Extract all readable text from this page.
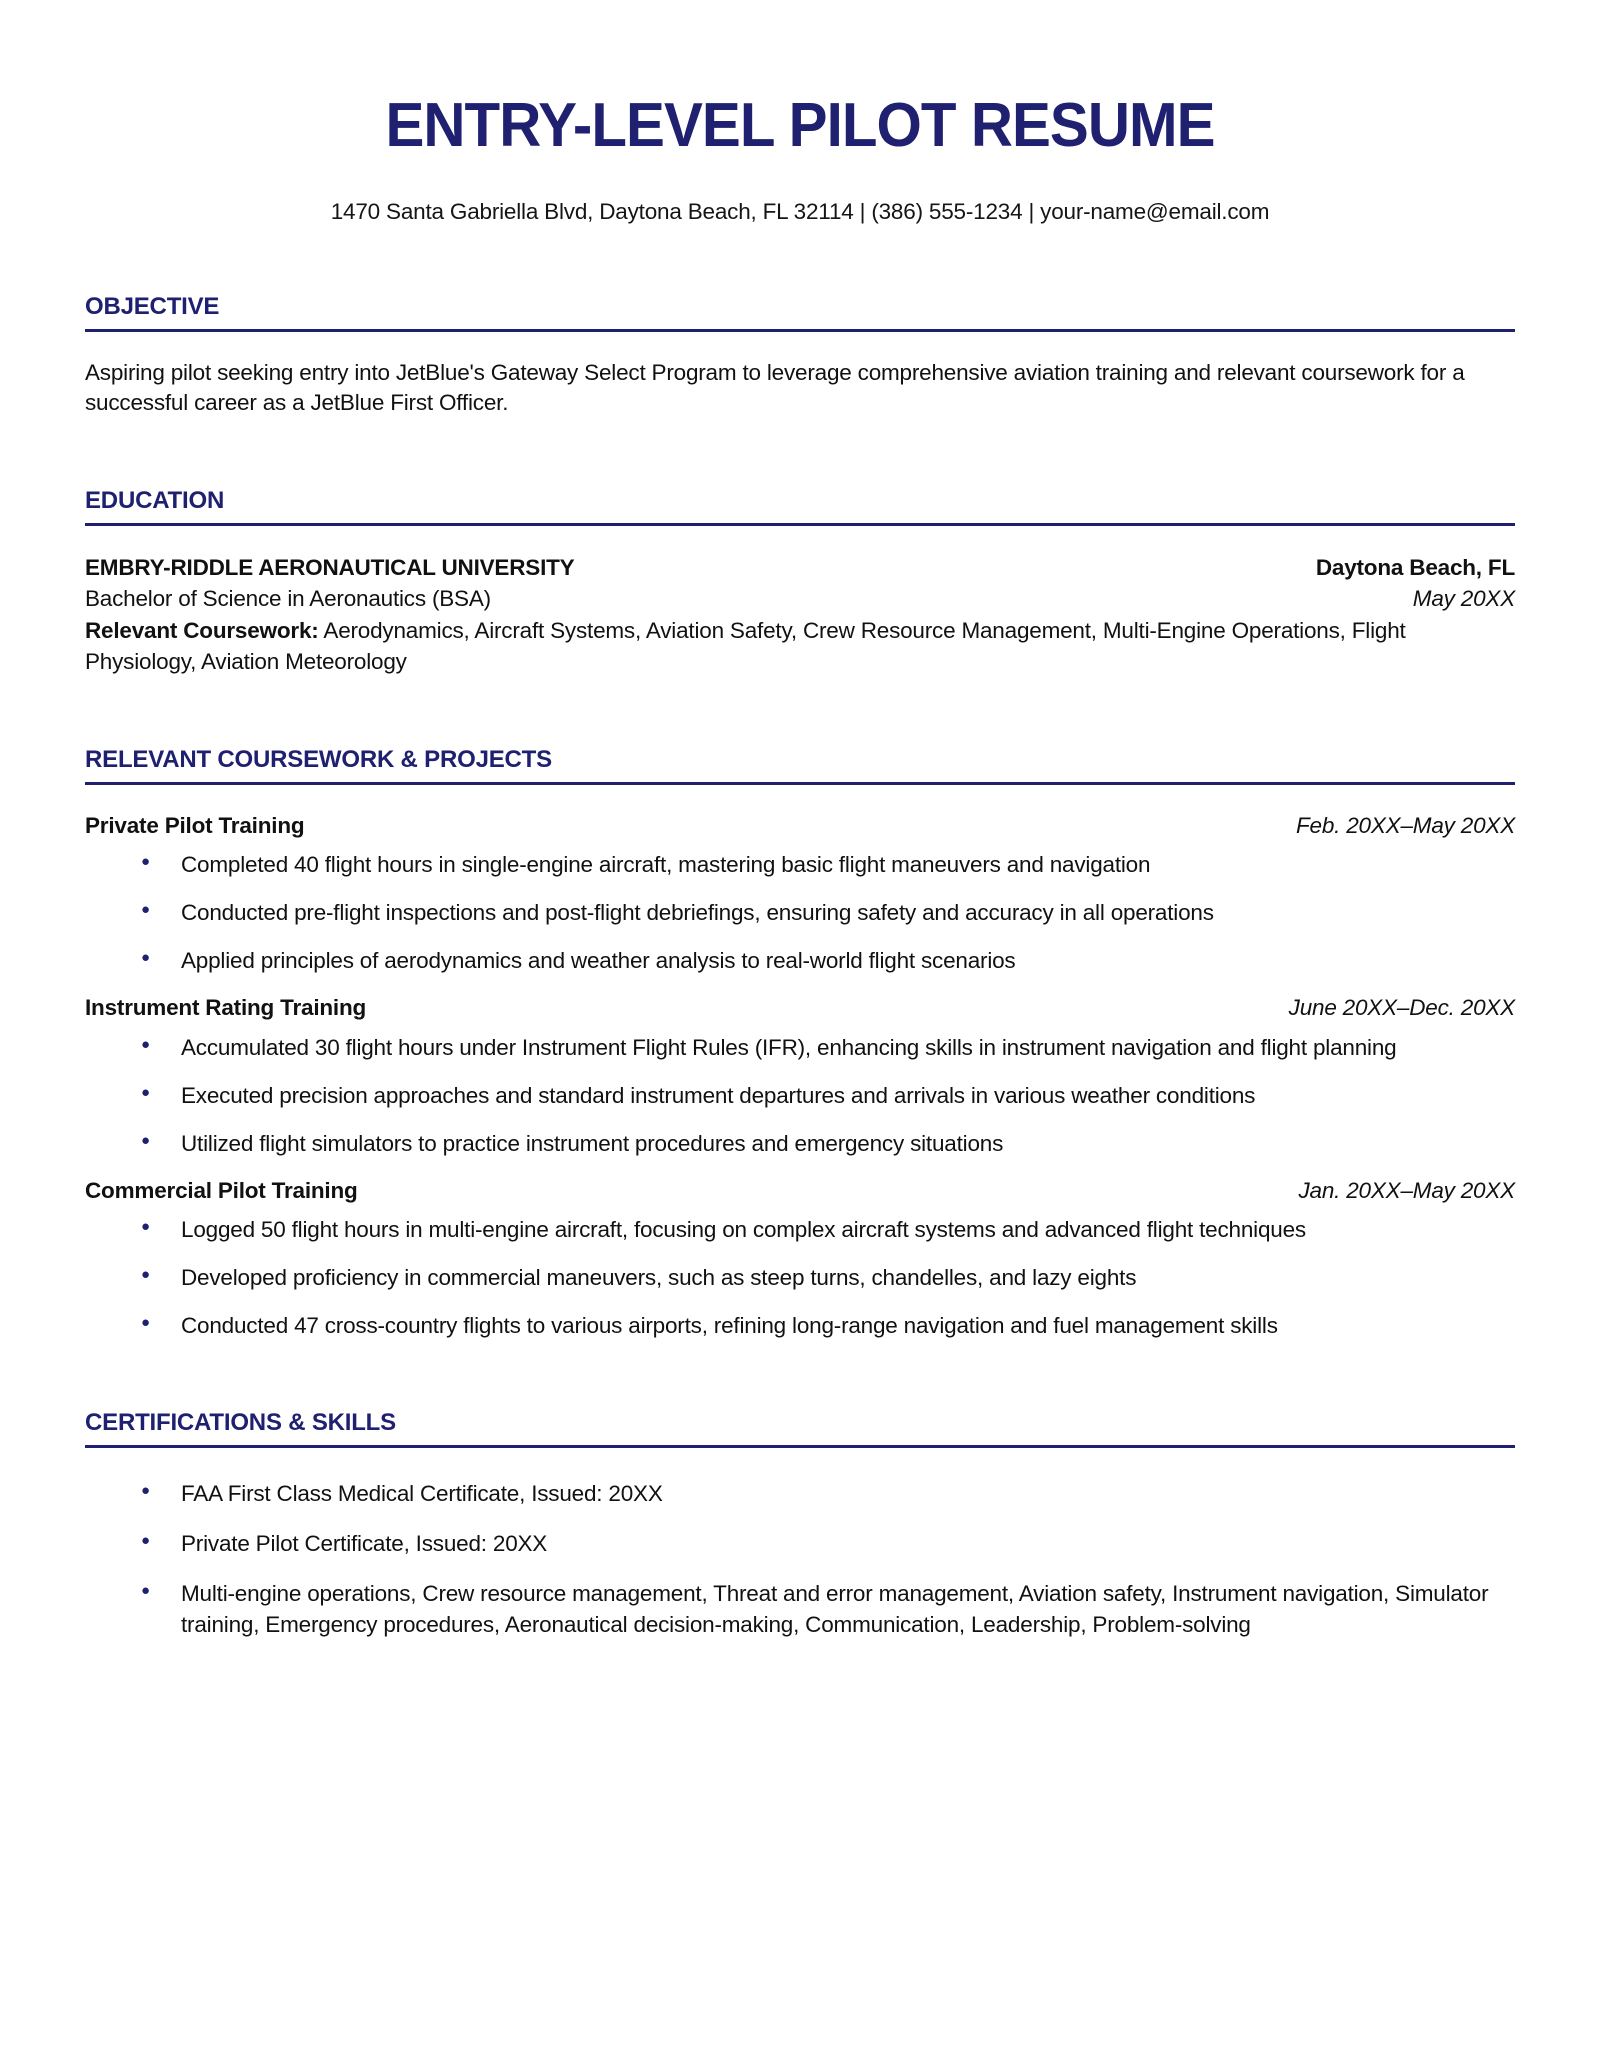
ENTRY-LEVEL PILOT RESUME
1470 Santa Gabriella Blvd, Daytona Beach, FL 32114 | (386) 555-1234 | your-name@email.com
OBJECTIVE
Aspiring pilot seeking entry into JetBlue's Gateway Select Program to leverage comprehensive aviation training and relevant coursework for a successful career as a JetBlue First Officer.
EDUCATION
EMBRY-RIDDLE AERONAUTICAL UNIVERSITY	Daytona Beach, FL
Bachelor of Science in Aeronautics (BSA)	May 20XX
Relevant Coursework: Aerodynamics, Aircraft Systems, Aviation Safety, Crew Resource Management, Multi-Engine Operations, Flight Physiology, Aviation Meteorology
RELEVANT COURSEWORK & PROJECTS
Private Pilot Training	Feb. 20XX–May 20XX
● Completed 40 flight hours in single-engine aircraft, mastering basic flight maneuvers and navigation
● Conducted pre-flight inspections and post-flight debriefings, ensuring safety and accuracy in all operations
● Applied principles of aerodynamics and weather analysis to real-world flight scenarios
Instrument Rating Training	June 20XX–Dec. 20XX
● Accumulated 30 flight hours under Instrument Flight Rules (IFR), enhancing skills in instrument navigation and flight planning
● Executed precision approaches and standard instrument departures and arrivals in various weather conditions
● Utilized flight simulators to practice instrument procedures and emergency situations
Commercial Pilot Training	Jan. 20XX–May 20XX
● Logged 50 flight hours in multi-engine aircraft, focusing on complex aircraft systems and advanced flight techniques
● Developed proficiency in commercial maneuvers, such as steep turns, chandelles, and lazy eights
● Conducted 47 cross-country flights to various airports, refining long-range navigation and fuel management skills
CERTIFICATIONS & SKILLS
● FAA First Class Medical Certificate, Issued: 20XX
● Private Pilot Certificate, Issued: 20XX
● Multi-engine operations, Crew resource management, Threat and error management, Aviation safety, Instrument navigation, Simulator training, Emergency procedures, Aeronautical decision-making, Communication, Leadership, Problem-solving
